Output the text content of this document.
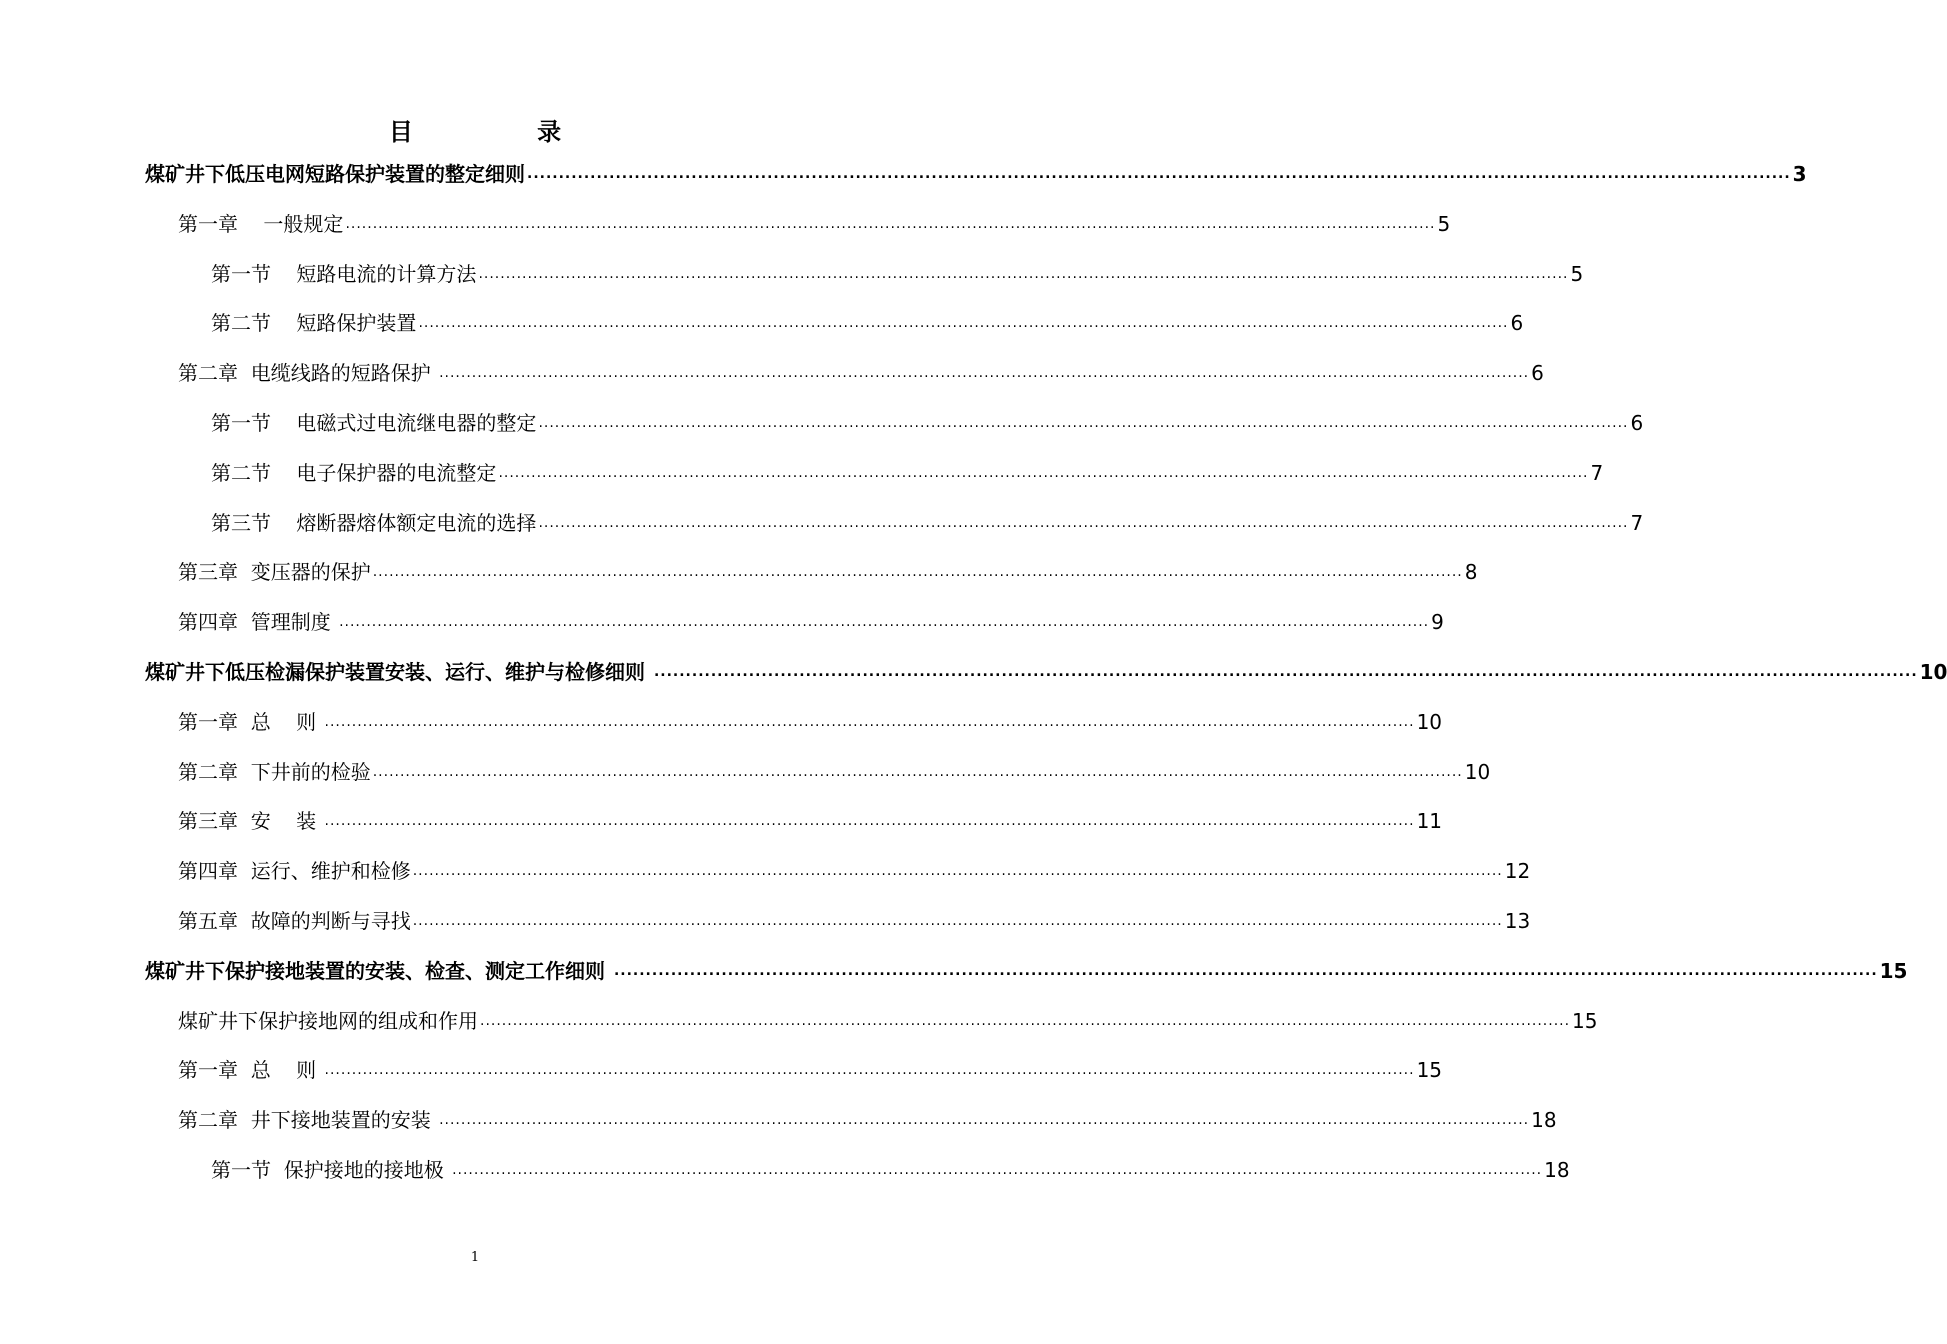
目 录
煤矿井下低压电网短路保护装置的整定细则 ........................................................................................................................................................................................................ 3
第一章    一般规定 ........................................................................................................................................................................................................ 5
第一节    短路电流的计算方法 ........................................................................................................................................................................................................ 5
第二节    短路保护装置 ........................................................................................................................................................................................................ 6
第二章  电缆线路的短路保护 ........................................................................................................................................................................................................ 6
第一节    电磁式过电流继电器的整定 ........................................................................................................................................................................................................ 6
第二节    电子保护器的电流整定 ........................................................................................................................................................................................................ 7
第三节    熔断器熔体额定电流的选择 ........................................................................................................................................................................................................ 7
第三章  变压器的保护 ........................................................................................................................................................................................................ 8
第四章  管理制度 ........................................................................................................................................................................................................ 9
煤矿井下低压检漏保护装置安装、运行、维护与检修细则 ........................................................................................................................................................................................................ 10
第一章  总    则 ........................................................................................................................................................................................................ 10
第二章  下井前的检验 ........................................................................................................................................................................................................ 10
第三章  安    装 ........................................................................................................................................................................................................ 11
第四章  运行、维护和检修 ........................................................................................................................................................................................................ 12
第五章  故障的判断与寻找 ........................................................................................................................................................................................................ 13
煤矿井下保护接地装置的安装、检查、测定工作细则 ........................................................................................................................................................................................................ 15
煤矿井下保护接地网的组成和作用 ........................................................................................................................................................................................................ 15
第一章  总    则 ........................................................................................................................................................................................................ 15
第二章  井下接地装置的安装 ........................................................................................................................................................................................................ 18
第一节  保护接地的接地极 ........................................................................................................................................................................................................ 18
1
